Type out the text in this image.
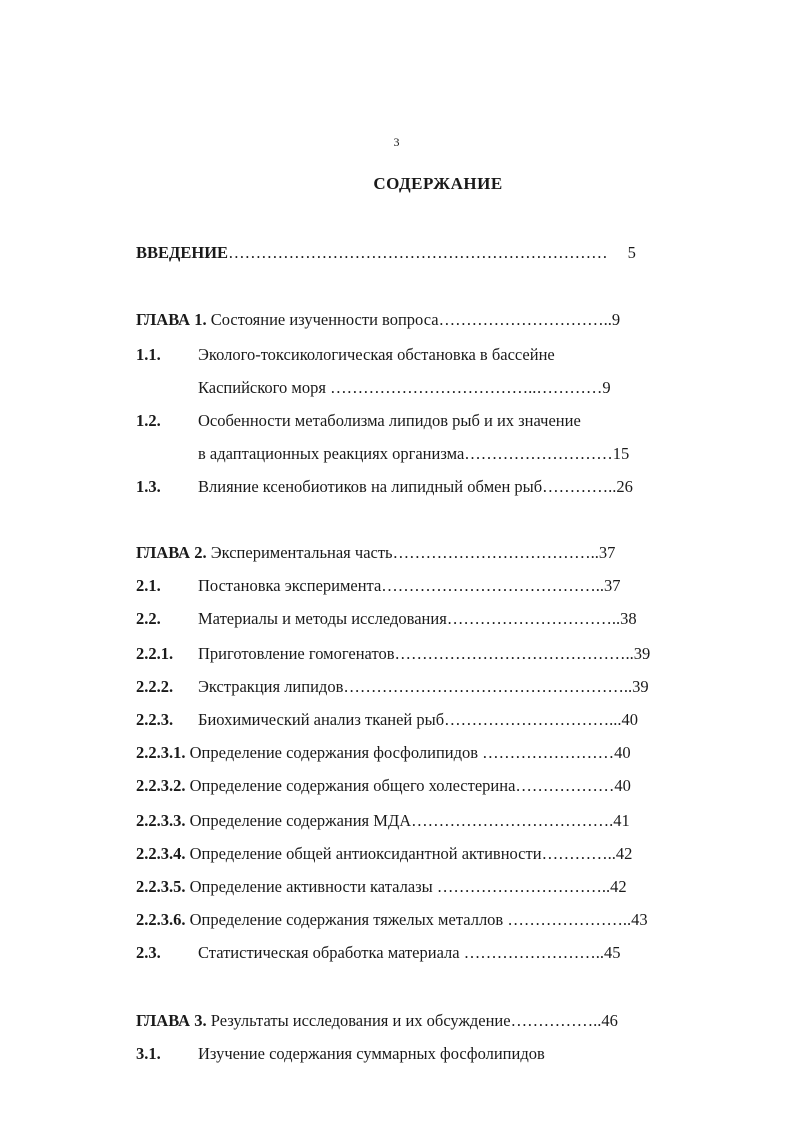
3
СОДЕРЖАНИЕ
ВВЕДЕНИЕ…………………………………………………………… 5
ГЛАВА 1. Состояние изученности вопроса…………………………..9
1.1. Эколого-токсикологическая обстановка в бассейне
Каспийского моря ………………………………..…………9
1.2. Особенности метаболизма липидов рыб и их значение
в адаптационных реакциях организма………………………15
1.3. Влияние ксенобиотиков на липидный обмен рыб…………..26
ГЛАВА 2. Экспериментальная часть………………………………..37
2.1. Постановка эксперимента…………………………………..37
2.2. Материалы и методы исследования…………………………..38
2.2.1. Приготовление гомогенатов……………………………………..39
2.2.2. Экстракция липидов……………………………………………..39
2.2.3. Биохимический анализ тканей рыб…………………………...40
2.2.3.1. Определение содержания фосфолипидов ……………………40
2.2.3.2. Определение содержания общего холестерина………………40
2.2.3.3. Определение содержания МДА……………………………….41
2.2.3.4. Определение общей антиоксидантной активности…………..42
2.2.3.5. Определение активности каталазы …………………………..42
2.2.3.6. Определение содержания тяжелых металлов …………………..43
2.3. Статистическая обработка материала ……………………..45
ГЛАВА 3. Результаты исследования и их обсуждение……………..46
3.1. Изучение содержания суммарных фосфолипидов
